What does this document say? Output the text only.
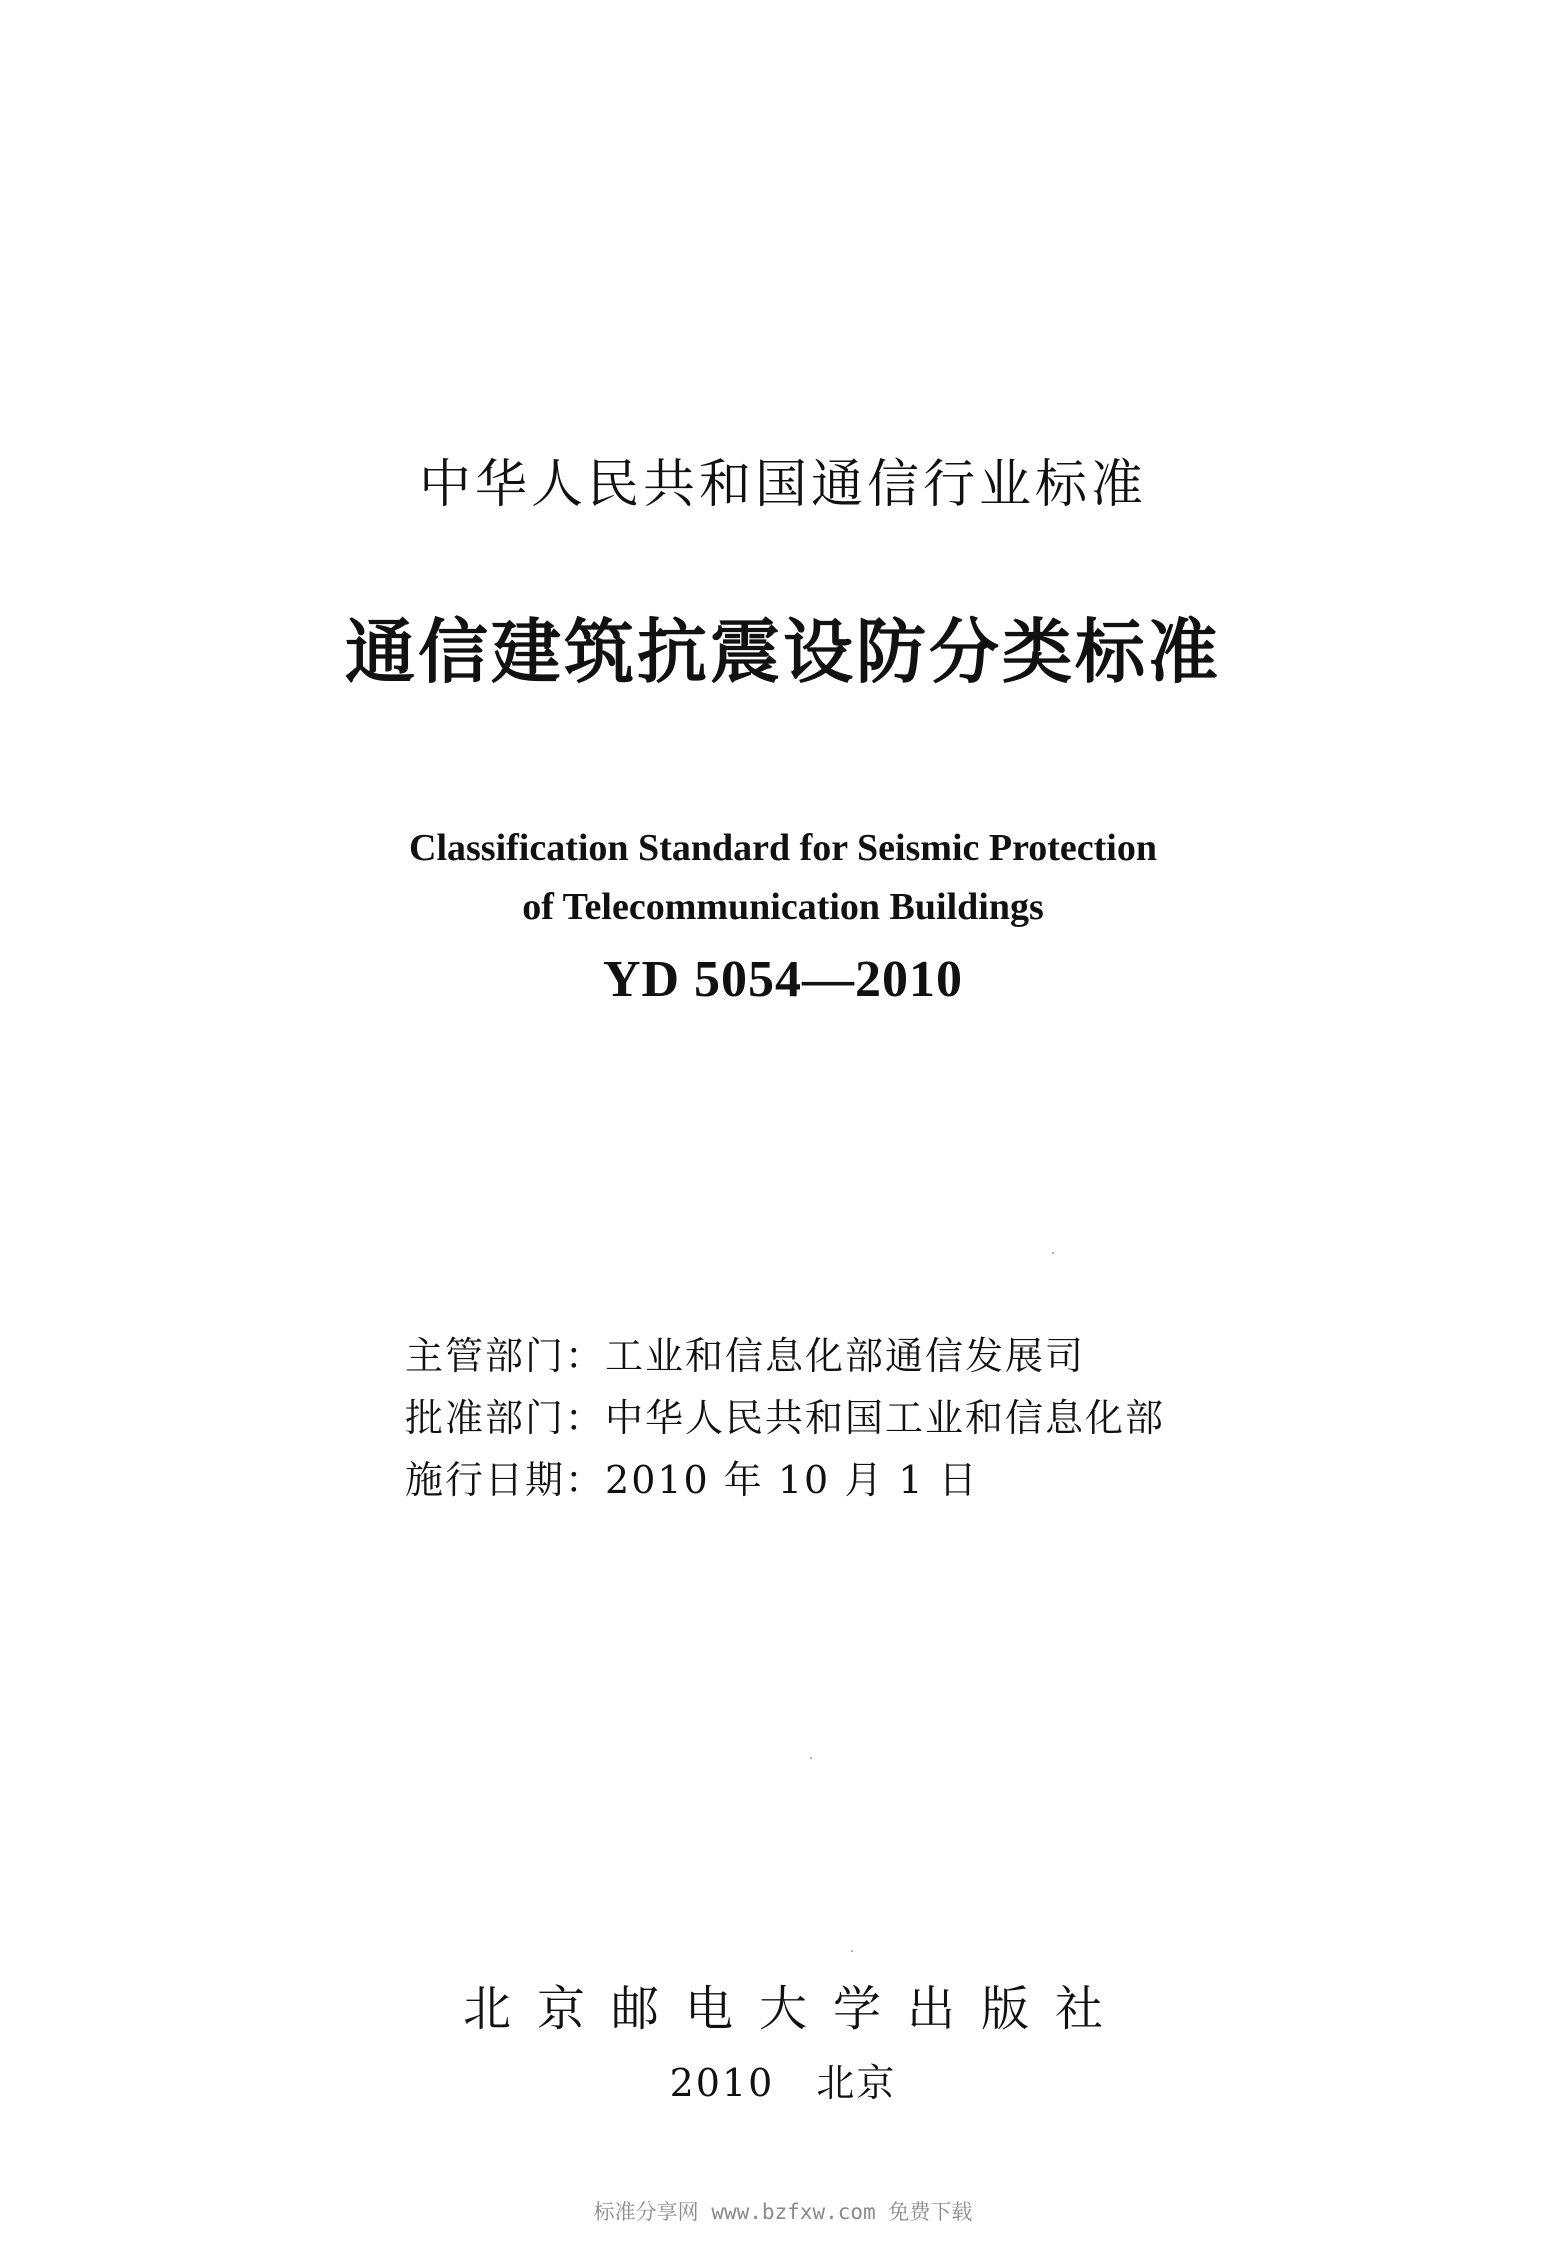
中华人民共和国通信行业标准
通信建筑抗震设防分类标准
Classification Standard for Seismic Protection
of Telecommunication Buildings
YD 5054—2010
主管部门：工业和信息化部通信发展司
批准部门：中华人民共和国工业和信息化部
施行日期：2010 年 10 月 1 日
北京邮电大学出版社
2010 北京
标准分享网 www.bzfxw.com 免费下载
